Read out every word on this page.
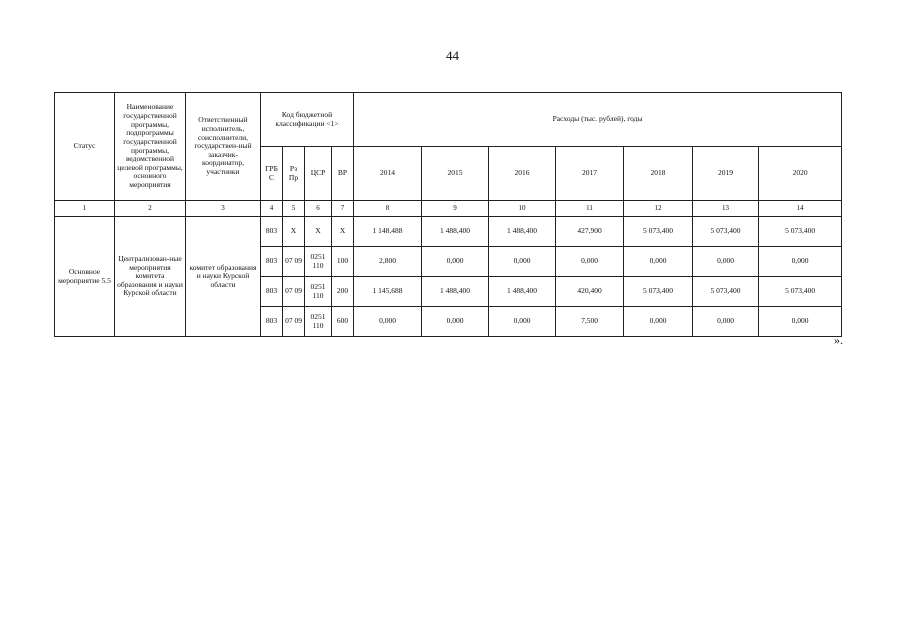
44
Статус	Наименование государственной программы, подпрограммы государственной программы, ведомственной целевой программы, основного мероприятия	Ответственный исполнитель, соисполнители, государствен-ный заказчик-координатор, участники	Код бюджетной классификации <1>				Расходы (тыс. рублей), годы						
			ГРБ С	Рз Пр	ЦСР	ВР	2014	2015	2016	2017	2018	2019	2020
1	2	3	4	5	6	7	8	9	10	11	12	13	14
Основное мероприятие 5.5	Централизован-ные мероприятия комитета образования и науки Курской области	комитет образования и науки Курской области	803	X	X	X	1 148,488	1 488,400	1 488,400	427,900	5 073,400	5 073,400	5 073,400
			803	07 09	0251 110	100	2,800	0,000	0,000	0,000	0,000	0,000	0,000
			803	07 09	0251 110	200	1 145,688	1 488,400	1 488,400	420,400	5 073,400	5 073,400	5 073,400
			803	07 09	0251 110	600	0,000	0,000	0,000	7,500	0,000	0,000	0,000
».
